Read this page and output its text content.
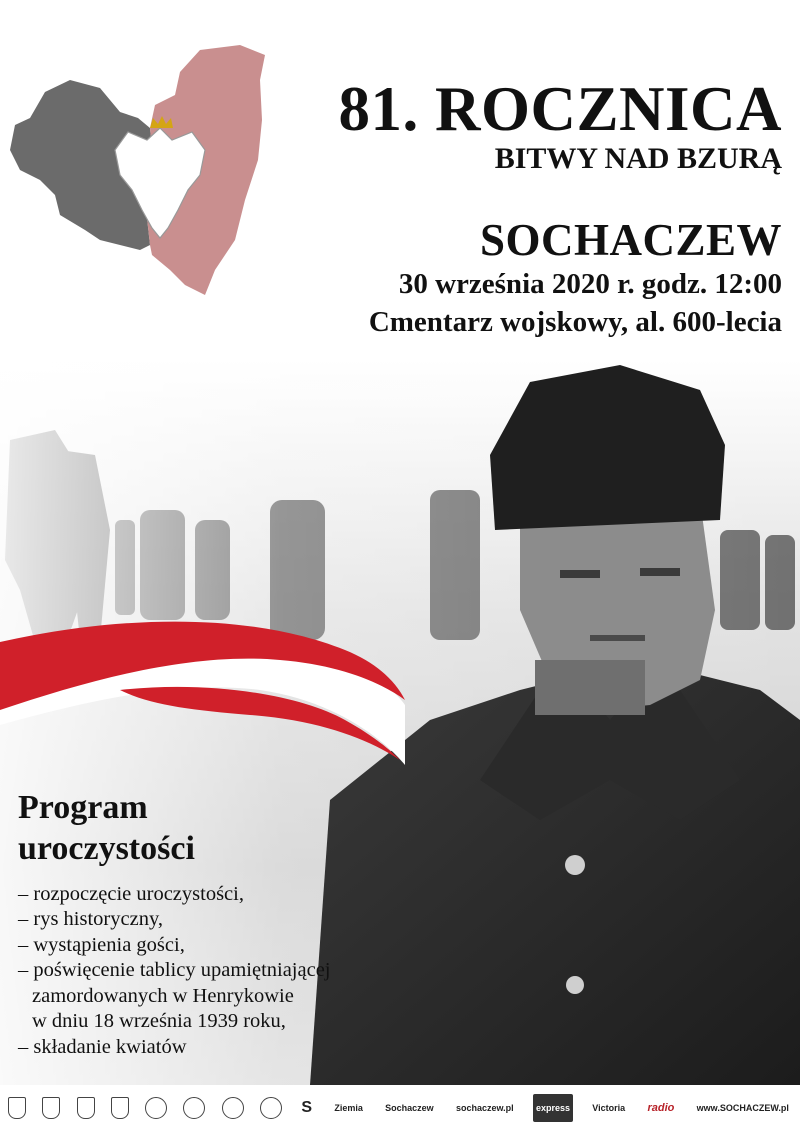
81. ROCZNICA
BITWY NAD BZURĄ
SOCHACZEW
30 września 2020 r. godz. 12:00
Cmentarz wojskowy, al. 600-lecia
Program
uroczystości
– rozpoczęcie uroczystości,
– rys historyczny,
– wystąpienia gości,
– poświęcenie tablicy upamiętniającej
zamordowanych w Henrykowie
w dniu 18 września 1939 roku,
– składanie kwiatów
S	Ziemia	Sochaczew	sochaczew.pl	express	Victoria radio	www.SOCHACZEW.pl
